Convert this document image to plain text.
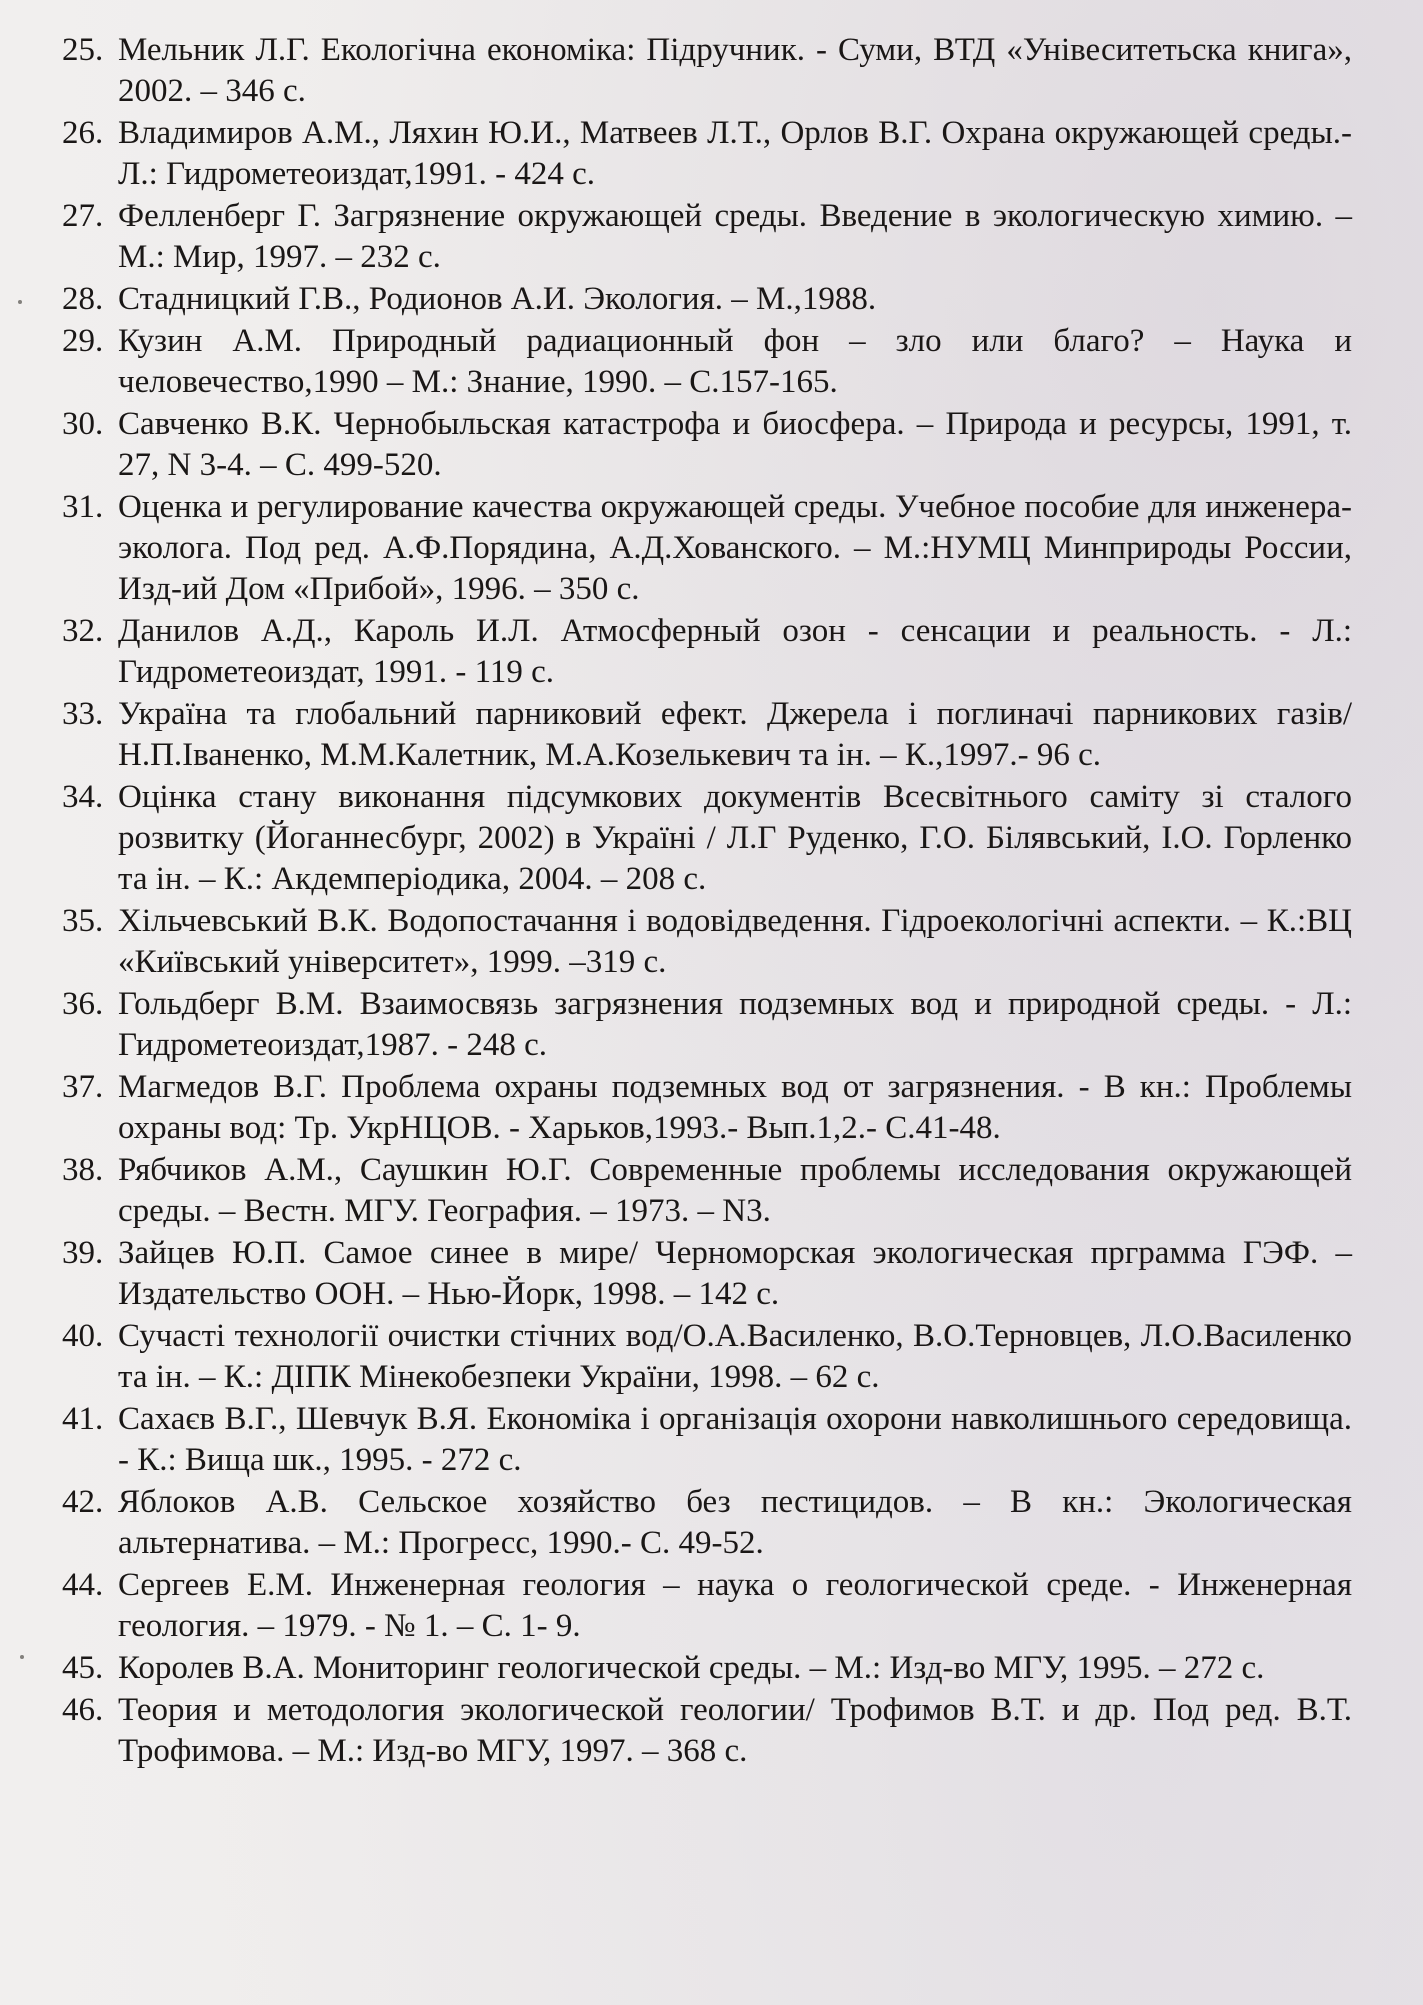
25. Мельник Л.Г. Екологічна економіка: Підручник. - Суми, ВТД «Унівеситетьска книга», 2002. – 346 с.
26. Владимиров А.М., Ляхин Ю.И., Матвеев Л.Т., Орлов В.Г. Охрана окружающей среды.- Л.: Гидрометеоиздат,1991. - 424 с.
27. Фелленберг Г. Загрязнение окружающей среды. Введение в экологическую химию. – М.: Мир, 1997. – 232 с.
28. Стадницкий Г.В., Родионов А.И. Экология. – М.,1988.
29. Кузин А.М. Природный радиационный фон – зло или благо? – Наука и человечество,1990 – М.: Знание, 1990. – С.157-165.
30. Савченко В.К. Чернобыльская катастрофа и биосфера. – Природа и ресурсы, 1991, т. 27, N 3-4. – С. 499-520.
31. Оценка и регулирование качества окружающей среды. Учебное пособие для инженера-эколога. Под ред. А.Ф.Порядина, А.Д.Хованского. – М.:НУМЦ Минприроды России, Изд-ий Дом «Прибой», 1996. – 350 с.
32. Данилов А.Д., Кароль И.Л. Атмосферный озон - сенсации и реальность. - Л.: Гидрометеоиздат, 1991. - 119 с.
33. Україна та глобальний парниковий ефект. Джерела і поглиначі парникових газів/ Н.П.Іваненко, М.М.Калетник, М.А.Козелькевич та ін. – К.,1997.- 96 с.
34. Оцінка стану виконання підсумкових документів Всесвітнього саміту зі сталого розвитку (Йоганнесбург, 2002) в Україні / Л.Г Руденко, Г.О. Білявський, І.О. Горленко та ін. – К.: Акдемперіодика, 2004. – 208 с.
35. Хільчевський В.К. Водопостачання і водовідведення. Гідроекологічні аспекти. – К.:ВЦ «Київський університет», 1999. –319 с.
36. Гольдберг В.М. Взаимосвязь загрязнения подземных вод и природной среды. - Л.: Гидрометеоиздат,1987. - 248 с.
37. Магмедов В.Г. Проблема охраны подземных вод от загрязнения. - В кн.: Проблемы охраны вод: Тр. УкрНЦОВ. - Харьков,1993.- Вып.1,2.- С.41-48.
38. Рябчиков А.М., Саушкин Ю.Г. Современные проблемы исследования окружающей среды. – Вестн. МГУ. География. – 1973. – N3.
39. Зайцев Ю.П. Самое синее в мире/ Черноморская экологическая прграмма ГЭФ. – Издательство ООН. – Нью-Йорк, 1998. – 142 с.
40. Сучасті технології очистки стічних вод/О.А.Василенко, В.О.Терновцев, Л.О.Василенко та ін. – К.: ДІПК Мінекобезпеки України, 1998. – 62 с.
41. Сахаєв В.Г., Шевчук В.Я. Економіка і організація охорони навколишнього середовища. - К.: Вища шк., 1995. - 272 с.
42. Яблоков А.В. Сельское хозяйство без пестицидов. – В кн.: Экологическая альтернатива. – М.: Прогресс, 1990.- С. 49-52.
44. Сергеев Е.М. Инженерная геология – наука о геологической среде. - Инженерная геология. – 1979. - № 1. – С. 1- 9.
45. Королев В.А. Мониторинг геологической среды. – М.: Изд-во МГУ, 1995. – 272 с.
46. Теория и методология экологической геологии/ Трофимов В.Т. и др. Под ред. В.Т. Трофимова. – М.: Изд-во МГУ, 1997. – 368 с.
